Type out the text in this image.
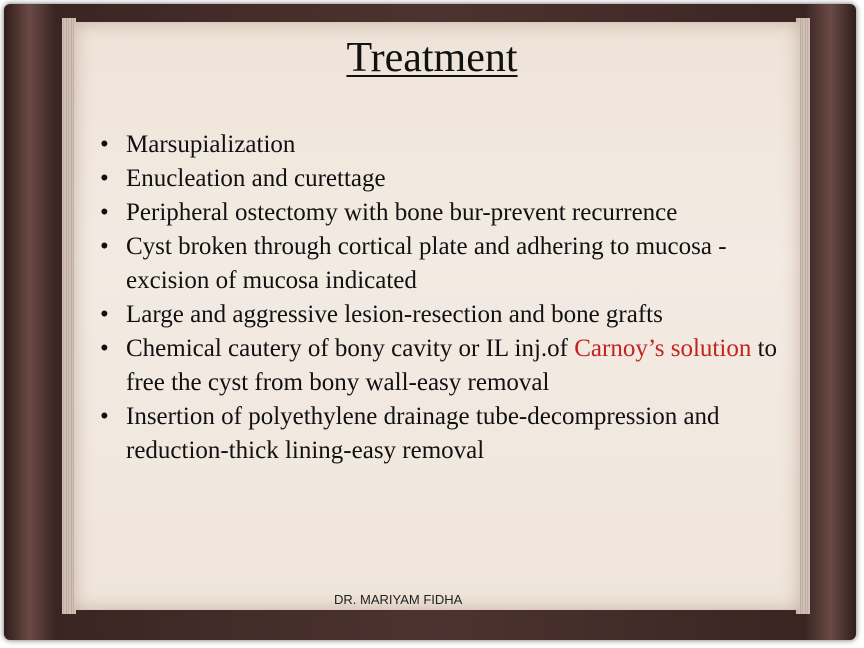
Treatment
• Marsupialization
• Enucleation and curettage
• Peripheral ostectomy with bone bur-prevent recurrence
• Cyst broken through cortical plate and adhering to mucosa -excision of mucosa indicated
• Large and aggressive lesion-resection and bone grafts
• Chemical cautery of bony cavity or IL inj.of Carnoy’s solution to free the cyst from bony wall-easy removal
• Insertion of polyethylene drainage tube-decompression and reduction-thick lining-easy removal
DR. MARIYAM FIDHA
